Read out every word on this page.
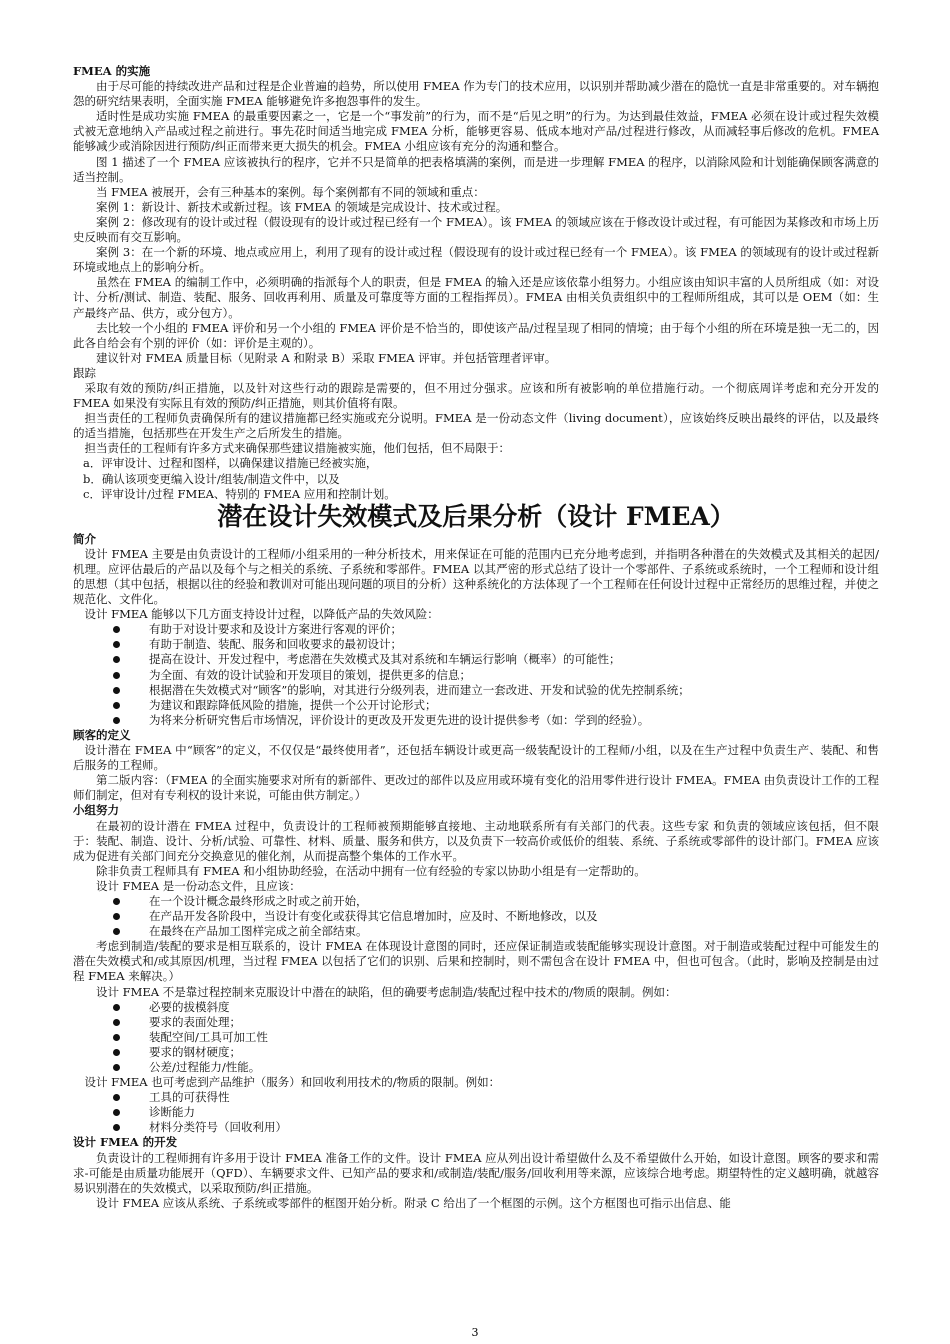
FMEA 的实施

由于尽可能的持续改进产品和过程是企业普遍的趋势，所以使用 FMEA 作为专门的技术应用，以识别并帮助减少潜在的隐忧一直是非常重要的。对车辆抱怨的研究结果表明，全面实施 FMEA 能够避免许多抱怨事件的发生。

适时性是成功实施 FMEA 的最重要因素之一，它是一个“事发前”的行为，而不是“后见之明”的行为。为达到最佳效益，FMEA 必须在设计或过程失效模式被无意地纳入产品或过程之前进行。事先花时间适当地完成 FMEA 分析，能够更容易、低成本地对产品/过程进行修改，从而减轻事后修改的危机。FMEA 能够减少或消除因进行预防/纠正而带来更大损失的机会。FMEA 小组应该有充分的沟通和整合。

图 1 描述了一个 FMEA 应该被执行的程序，它并不只是简单的把表格填满的案例，而是进一步理解 FMEA 的程序，以消除风险和计划能确保顾客满意的适当控制。

当 FMEA 被展开，会有三种基本的案例。每个案例都有不同的领域和重点：

案例 1：新设计、新技术或新过程。该 FMEA 的领域是完成设计、技术或过程。

案例 2：修改现有的设计或过程（假设现有的设计或过程已经有一个 FMEA）。该 FMEA 的领域应该在于修改设计或过程，有可能因为某修改和市场上历史反映而有交互影响。

案例 3：在一个新的环境、地点或应用上，利用了现有的设计或过程（假设现有的设计或过程已经有一个 FMEA）。该 FMEA 的领域现有的设计或过程新环境或地点上的影响分析。

虽然在 FMEA 的编制工作中，必须明确的指派每个人的职责，但是 FMEA 的输入还是应该依靠小组努力。小组应该由知识丰富的人员所组成（如：对设计、分析/测试、制造、装配、服务、回收再利用、质量及可靠度等方面的工程指挥员）。FMEA 由相关负责组织中的工程师所组成，其可以是 OEM（如：生产最终产品、供方，或分包方）。

去比较一个小组的 FMEA 评价和另一个小组的 FMEA 评价是不恰当的，即使该产品/过程呈现了相同的情境；由于每个小组的所在环境是独一无二的，因此各自给会有个别的评价（如：评价是主观的）。

建议针对 FMEA 质量目标（见附录 A 和附录 B）采取 FMEA 评审。并包括管理者评审。

跟踪

采取有效的预防/纠正措施，以及针对这些行动的跟踪是需要的，但不用过分强求。应该和所有被影响的单位措施行动。一个彻底周详考虑和充分开发的 FMEA 如果没有实际且有效的预防/纠正措施，则其价值将有限。

担当责任的工程师负责确保所有的建议措施都已经实施或充分说明。FMEA 是一份动态文件（living document），应该始终反映出最终的评估，以及最终的适当措施，包括那些在开发生产之后所发生的措施。

担当责任的工程师有许多方式来确保那些建议措施被实施，他们包括，但不局限于：

a．评审设计、过程和图样，以确保建议措施已经被实施，

b．确认该项变更编入设计/组装/制造文件中，以及

c．评审设计/过程 FMEA、特别的 FMEA 应用和控制计划。

潜在设计失效模式及后果分析（设计 FMEA）

简介

设计 FMEA 主要是由负责设计的工程师/小组采用的一种分析技术，用来保证在可能的范围内已充分地考虑到，并指明各种潜在的失效模式及其相关的起因/机理。应评估最后的产品以及每个与之相关的系统、子系统和零部件。FMEA 以其严密的形式总结了设计一个零部件、子系统或系统时，一个工程师和设计组的思想（其中包括，根据以往的经验和教训对可能出现问题的项目的分析）这种系统化的方法体现了一个工程师在任何设计过程中正常经历的思维过程，并使之规范化、文件化。

设计 FMEA 能够以下几方面支持设计过程，以降低产品的失效风险：

有助于对设计要求和及设计方案进行客观的评价；
有助于制造、装配、服务和回收要求的最初设计；
提高在设计、开发过程中，考虑潜在失效模式及其对系统和车辆运行影响（概率）的可能性；
为全面、有效的设计试验和开发项目的策划，提供更多的信息；
根据潜在失效模式对“顾客”的影响，对其进行分级列表，进而建立一套改进、开发和试验的优先控制系统；
为建议和跟踪降低风险的措施，提供一个公开讨论形式；
为将来分析研究售后市场情况，评价设计的更改及开发更先进的设计提供参考（如：学到的经验）。

顾客的定义

设计潜在 FMEA 中“顾客”的定义，不仅仅是“最终使用者”，还包括车辆设计或更高一级装配设计的工程师/小组，以及在生产过程中负责生产、装配、和售后服务的工程师。

第二版内容：（FMEA 的全面实施要求对所有的新部件、更改过的部件以及应用或环境有变化的沿用零件进行设计 FMEA。FMEA 由负责设计工作的工程师们制定，但对有专利权的设计来说，可能由供方制定。）

小组努力

在最初的设计潜在 FMEA 过程中，负责设计的工程师被预期能够直接地、主动地联系所有有关部门的代表。这些专家 和负责的领域应该包括，但不限于：装配、制造、设计、分析/试验、可靠性、材料、质量、服务和供方，以及负责下一较高价或低价的组装、系统、子系统或零部件的设计部门。FMEA 应该成为促进有关部门间充分交换意见的催化剂，从而提高整个集体的工作水平。

除非负责工程师具有 FMEA 和小组协助经验，在活动中拥有一位有经验的专家以协助小组是有一定帮助的。

设计 FMEA 是一份动态文件，且应该：

在一个设计概念最终形成之时或之前开始，
在产品开发各阶段中，当设计有变化或获得其它信息增加时，应及时、不断地修改，以及
在最终在产品加工图样完成之前全部结束。

考虑到制造/装配的要求是相互联系的，设计 FMEA 在体现设计意图的同时，还应保证制造或装配能够实现设计意图。对于制造或装配过程中可能发生的潜在失效模式和/或其原因/机理，当过程 FMEA 以包括了它们的识别、后果和控制时，则不需包含在设计 FMEA 中，但也可包含。（此时，影响及控制是由过程 FMEA 来解决。）

设计 FMEA 不是靠过程控制来克服设计中潜在的缺陷，但的确要考虑制造/装配过程中技术的/物质的限制。例如：

必要的拔模斜度
要求的表面处理；
装配空间/工具可加工性
要求的钢材硬度；
公差/过程能力/性能。

设计 FMEA 也可考虑到产品维护（服务）和回收利用技术的/物质的限制。例如：

工具的可获得性
诊断能力
材料分类符号（回收利用）

设计 FMEA 的开发

负责设计的工程师拥有许多用于设计 FMEA 准备工作的文件。设计 FMEA 应从列出设计希望做什么及不希望做什么开始，如设计意图。顾客的要求和需求-可能是由质量功能展开（QFD）、车辆要求文件、已知产品的要求和/或制造/装配/服务/回收利用等来源，应该综合地考虑。期望特性的定义越明确，就越容易识别潜在的失效模式，以采取预防/纠正措施。

设计 FMEA 应该从系统、子系统或零部件的框图开始分析。附录 C 给出了一个框图的示例。这个方框图也可指示出信息、能

3
